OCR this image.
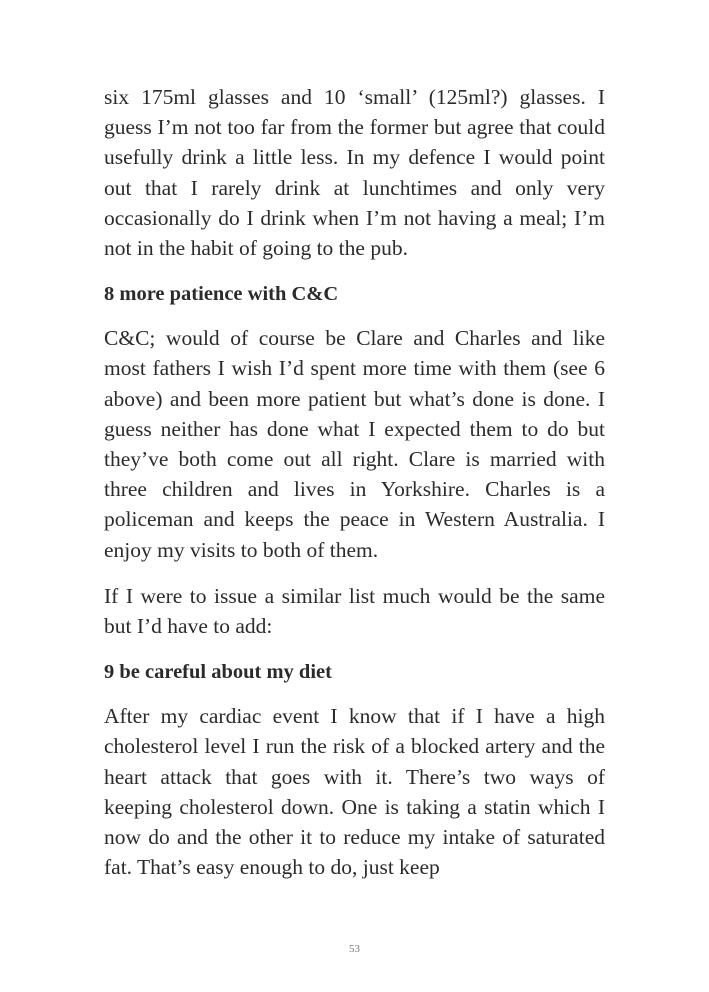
six 175ml glasses and 10 ‘small’ (125ml?) glasses. I guess I’m not too far from the former but agree that could usefully drink a little less. In my defence I would point out that I rarely drink at lunchtimes and only very occasionally do I drink when I’m not having a meal; I’m not in the habit of going to the pub.

8 more patience with C&C

C&C; would of course be Clare and Charles and like most fathers I wish I’d spent more time with them (see 6 above) and been more patient but what’s done is done. I guess neither has done what I expected them to do but they’ve both come out all right. Clare is married with three children and lives in Yorkshire. Charles is a policeman and keeps the peace in Western Australia. I enjoy my visits to both of them.

If I were to issue a similar list much would be the same but I’d have to add:

9 be careful about my diet

After my cardiac event I know that if I have a high cholesterol level I run the risk of a blocked artery and the heart attack that goes with it. There’s two ways of keeping cholesterol down. One is taking a statin which I now do and the other it to reduce my intake of saturated fat. That’s easy enough to do, just keep

53
